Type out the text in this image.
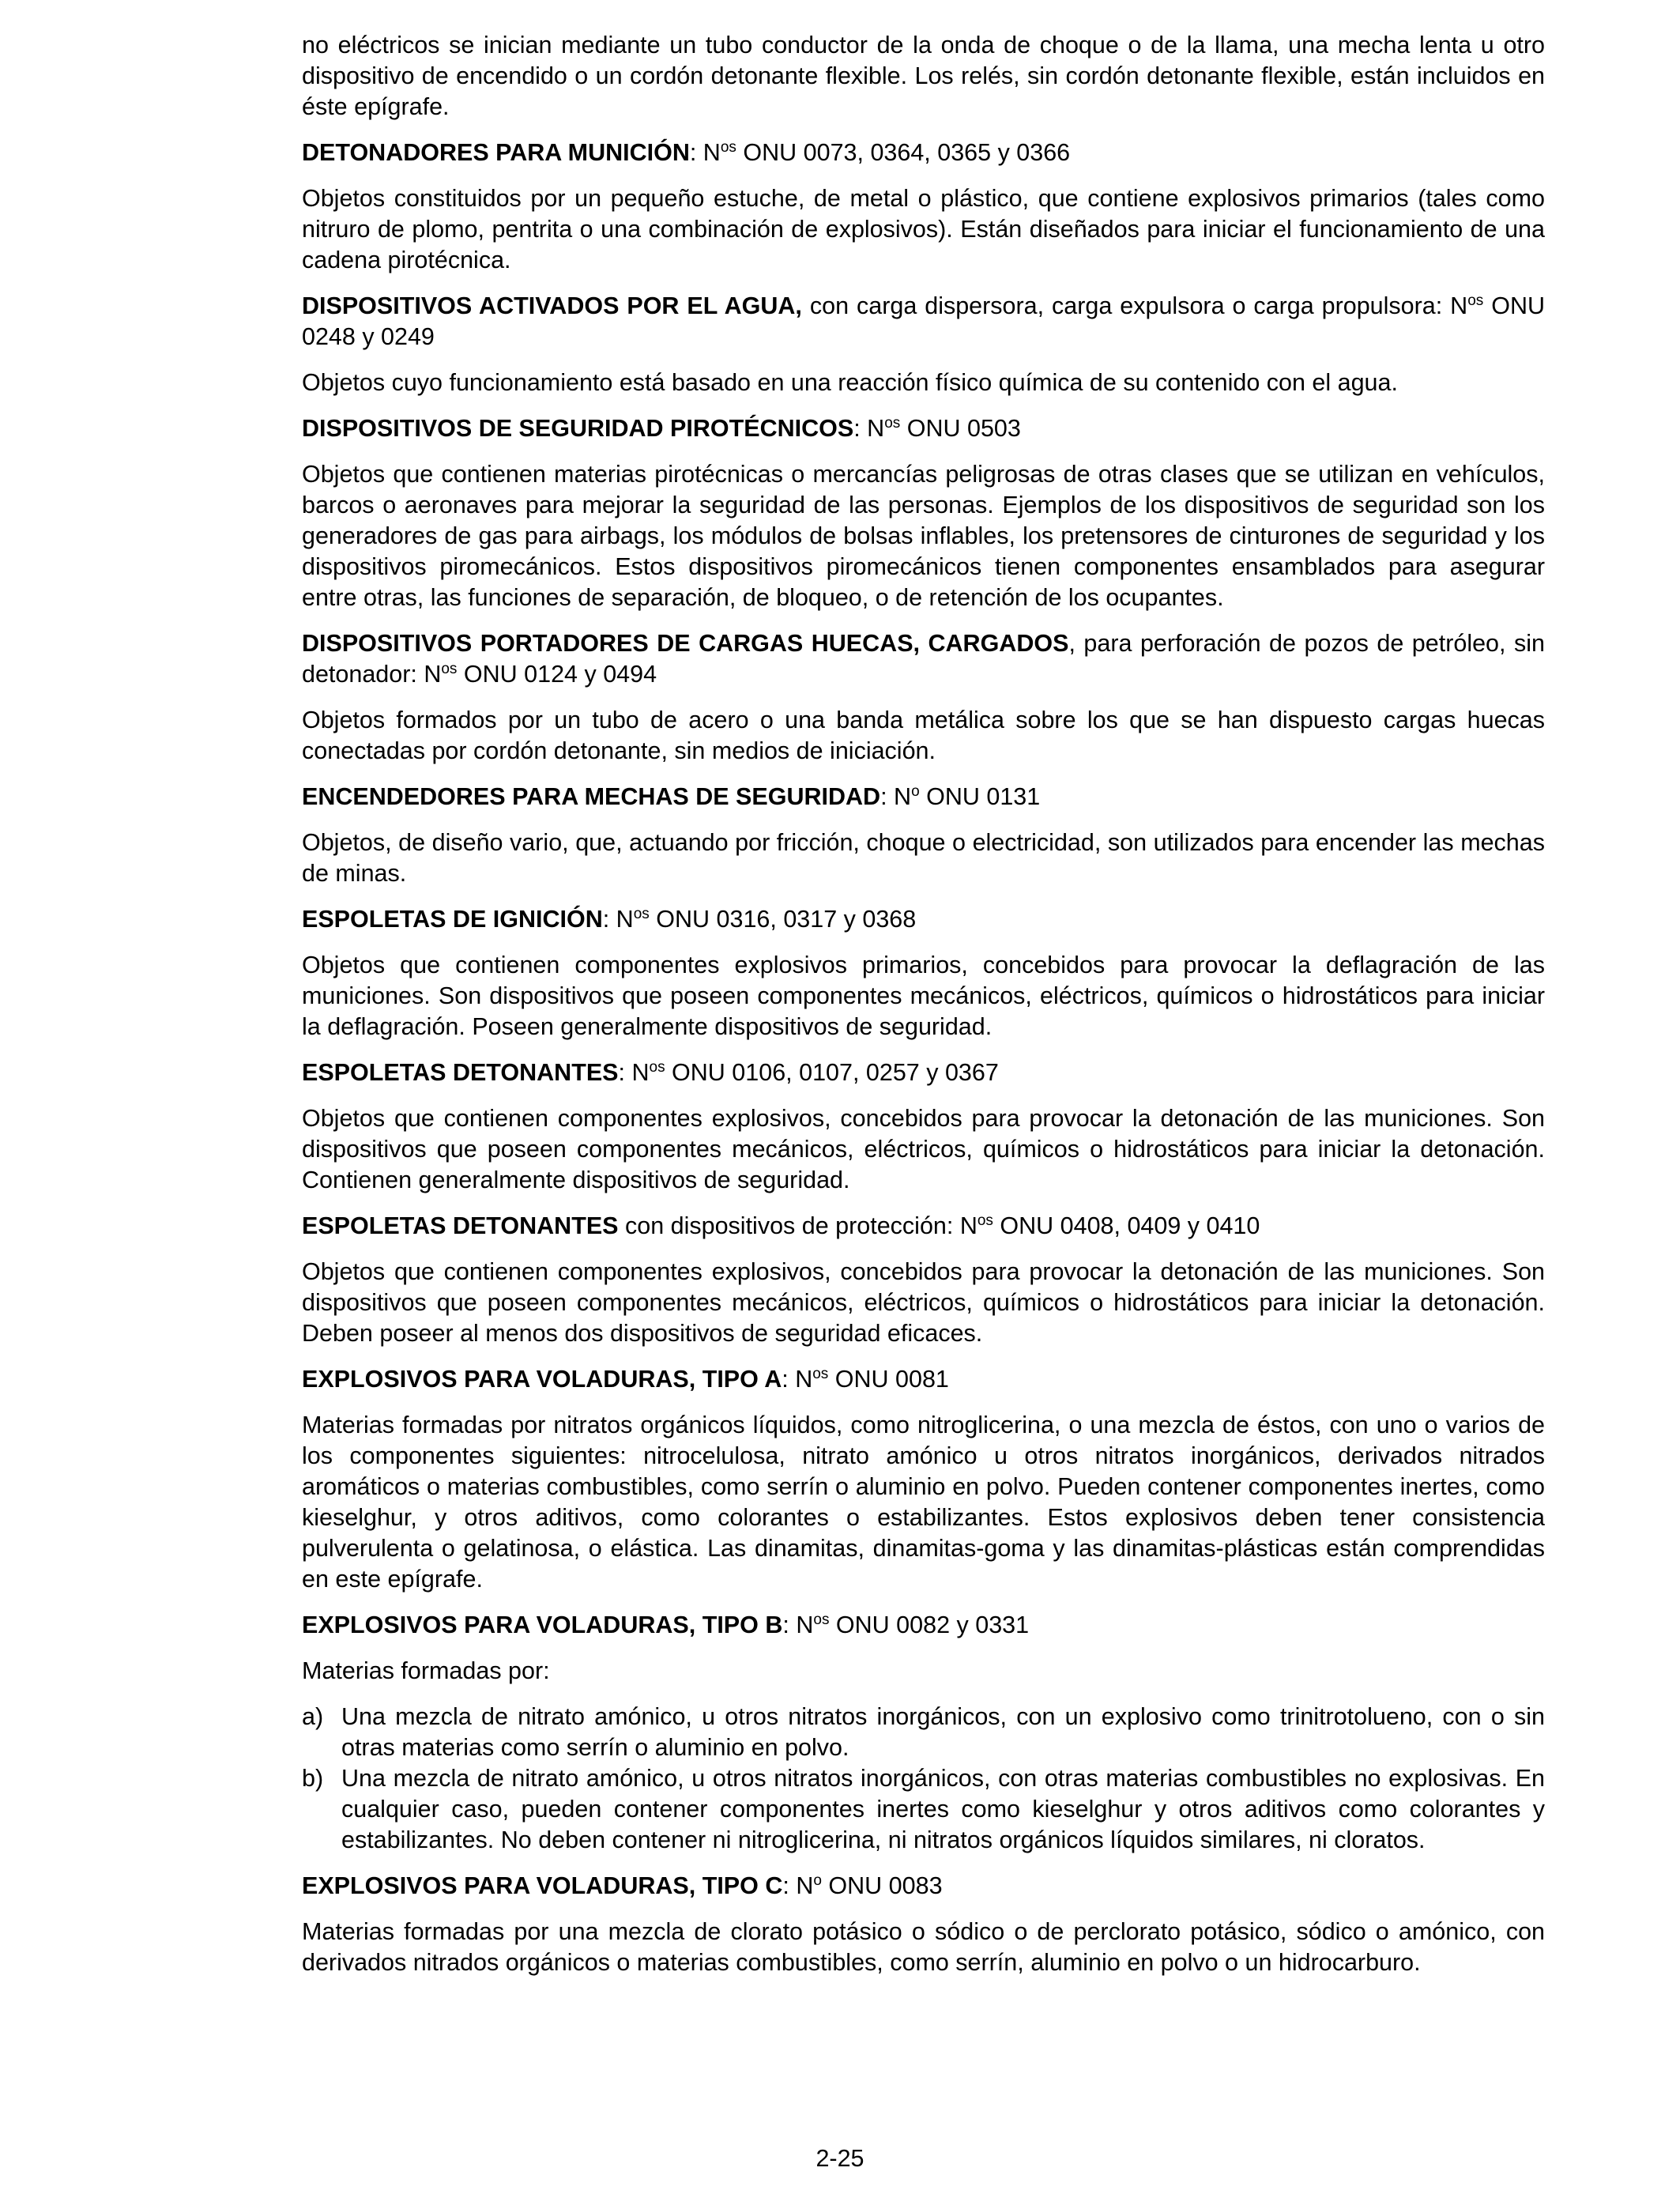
no eléctricos se inician mediante un tubo conductor de la onda de choque o de la llama, una mecha lenta u otro dispositivo de encendido o un cordón detonante flexible. Los relés, sin cordón detonante flexible, están incluidos en éste epígrafe.

DETONADORES PARA MUNICIÓN: $N^{os}$ ONU 0073, 0364, 0365 y 0366

Objetos constituidos por un pequeño estuche, de metal o plástico, que contiene explosivos primarios (tales como nitruro de plomo, pentrita o una combinación de explosivos). Están diseñados para iniciar el funcionamiento de una cadena pirotécnica.

DISPOSITIVOS ACTIVADOS POR EL AGUA, con carga dispersora, carga expulsora o carga propulsora: $N^{os}$ ONU 0248 y 0249

Objetos cuyo funcionamiento está basado en una reacción físico química de su contenido con el agua.

DISPOSITIVOS DE SEGURIDAD PIROTÉCNICOS: $N^{os}$ ONU 0503

Objetos que contienen materias pirotécnicas o mercancías peligrosas de otras clases que se utilizan en vehículos, barcos o aeronaves para mejorar la seguridad de las personas. Ejemplos de los dispositivos de seguridad son los generadores de gas para airbags, los módulos de bolsas inflables, los pretensores de cinturones de seguridad y los dispositivos piromecánicos. Estos dispositivos piromecánicos tienen componentes ensamblados para asegurar entre otras, las funciones de separación, de bloqueo, o de retención de los ocupantes.

DISPOSITIVOS PORTADORES DE CARGAS HUECAS, CARGADOS, para perforación de pozos de petróleo, sin detonador: $N^{os}$ ONU 0124 y 0494

Objetos formados por un tubo de acero o una banda metálica sobre los que se han dispuesto cargas huecas conectadas por cordón detonante, sin medios de iniciación.

ENCENDEDORES PARA MECHAS DE SEGURIDAD: $N^o$ ONU 0131

Objetos, de diseño vario, que, actuando por fricción, choque o electricidad, son utilizados para encender las mechas de minas.

ESPOLETAS DE IGNICIÓN: $N^{os}$ ONU 0316, 0317 y 0368

Objetos que contienen componentes explosivos primarios, concebidos para provocar la deflagración de las municiones. Son dispositivos que poseen componentes mecánicos, eléctricos, químicos o hidrostáticos para iniciar la deflagración. Poseen generalmente dispositivos de seguridad.

ESPOLETAS DETONANTES: $N^{os}$ ONU 0106, 0107, 0257 y 0367

Objetos que contienen componentes explosivos, concebidos para provocar la detonación de las municiones. Son dispositivos que poseen componentes mecánicos, eléctricos, químicos o hidrostáticos para iniciar la detonación. Contienen generalmente dispositivos de seguridad.

ESPOLETAS DETONANTES con dispositivos de protección: $N^{os}$ ONU 0408, 0409 y 0410

Objetos que contienen componentes explosivos, concebidos para provocar la detonación de las municiones. Son dispositivos que poseen componentes mecánicos, eléctricos, químicos o hidrostáticos para iniciar la detonación. Deben poseer al menos dos dispositivos de seguridad eficaces.

EXPLOSIVOS PARA VOLADURAS, TIPO A: $N^{os}$ ONU 0081

Materias formadas por nitratos orgánicos líquidos, como nitroglicerina, o una mezcla de éstos, con uno o varios de los componentes siguientes: nitrocelulosa, nitrato amónico u otros nitratos inorgánicos, derivados nitrados aromáticos o materias combustibles, como serrín o aluminio en polvo. Pueden contener componentes inertes, como kieselghur, y otros aditivos, como colorantes o estabilizantes. Estos explosivos deben tener consistencia pulverulenta o gelatinosa, o elástica. Las dinamitas, dinamitas-goma y las dinamitas-plásticas están comprendidas en este epígrafe.

EXPLOSIVOS PARA VOLADURAS, TIPO B: $N^{os}$ ONU 0082 y 0331

Materias formadas por:

a) Una mezcla de nitrato amónico, u otros nitratos inorgánicos, con un explosivo como trinitrotolueno, con o sin otras materias como serrín o aluminio en polvo.
b) Una mezcla de nitrato amónico, u otros nitratos inorgánicos, con otras materias combustibles no explosivas. En cualquier caso, pueden contener componentes inertes como kieselghur y otros aditivos como colorantes y estabilizantes. No deben contener ni nitroglicerina, ni nitratos orgánicos líquidos similares, ni cloratos.

EXPLOSIVOS PARA VOLADURAS, TIPO C: $N^o$ ONU 0083

Materias formadas por una mezcla de clorato potásico o sódico o de perclorato potásico, sódico o amónico, con derivados nitrados orgánicos o materias combustibles, como serrín, aluminio en polvo o un hidrocarburo.

2-25
